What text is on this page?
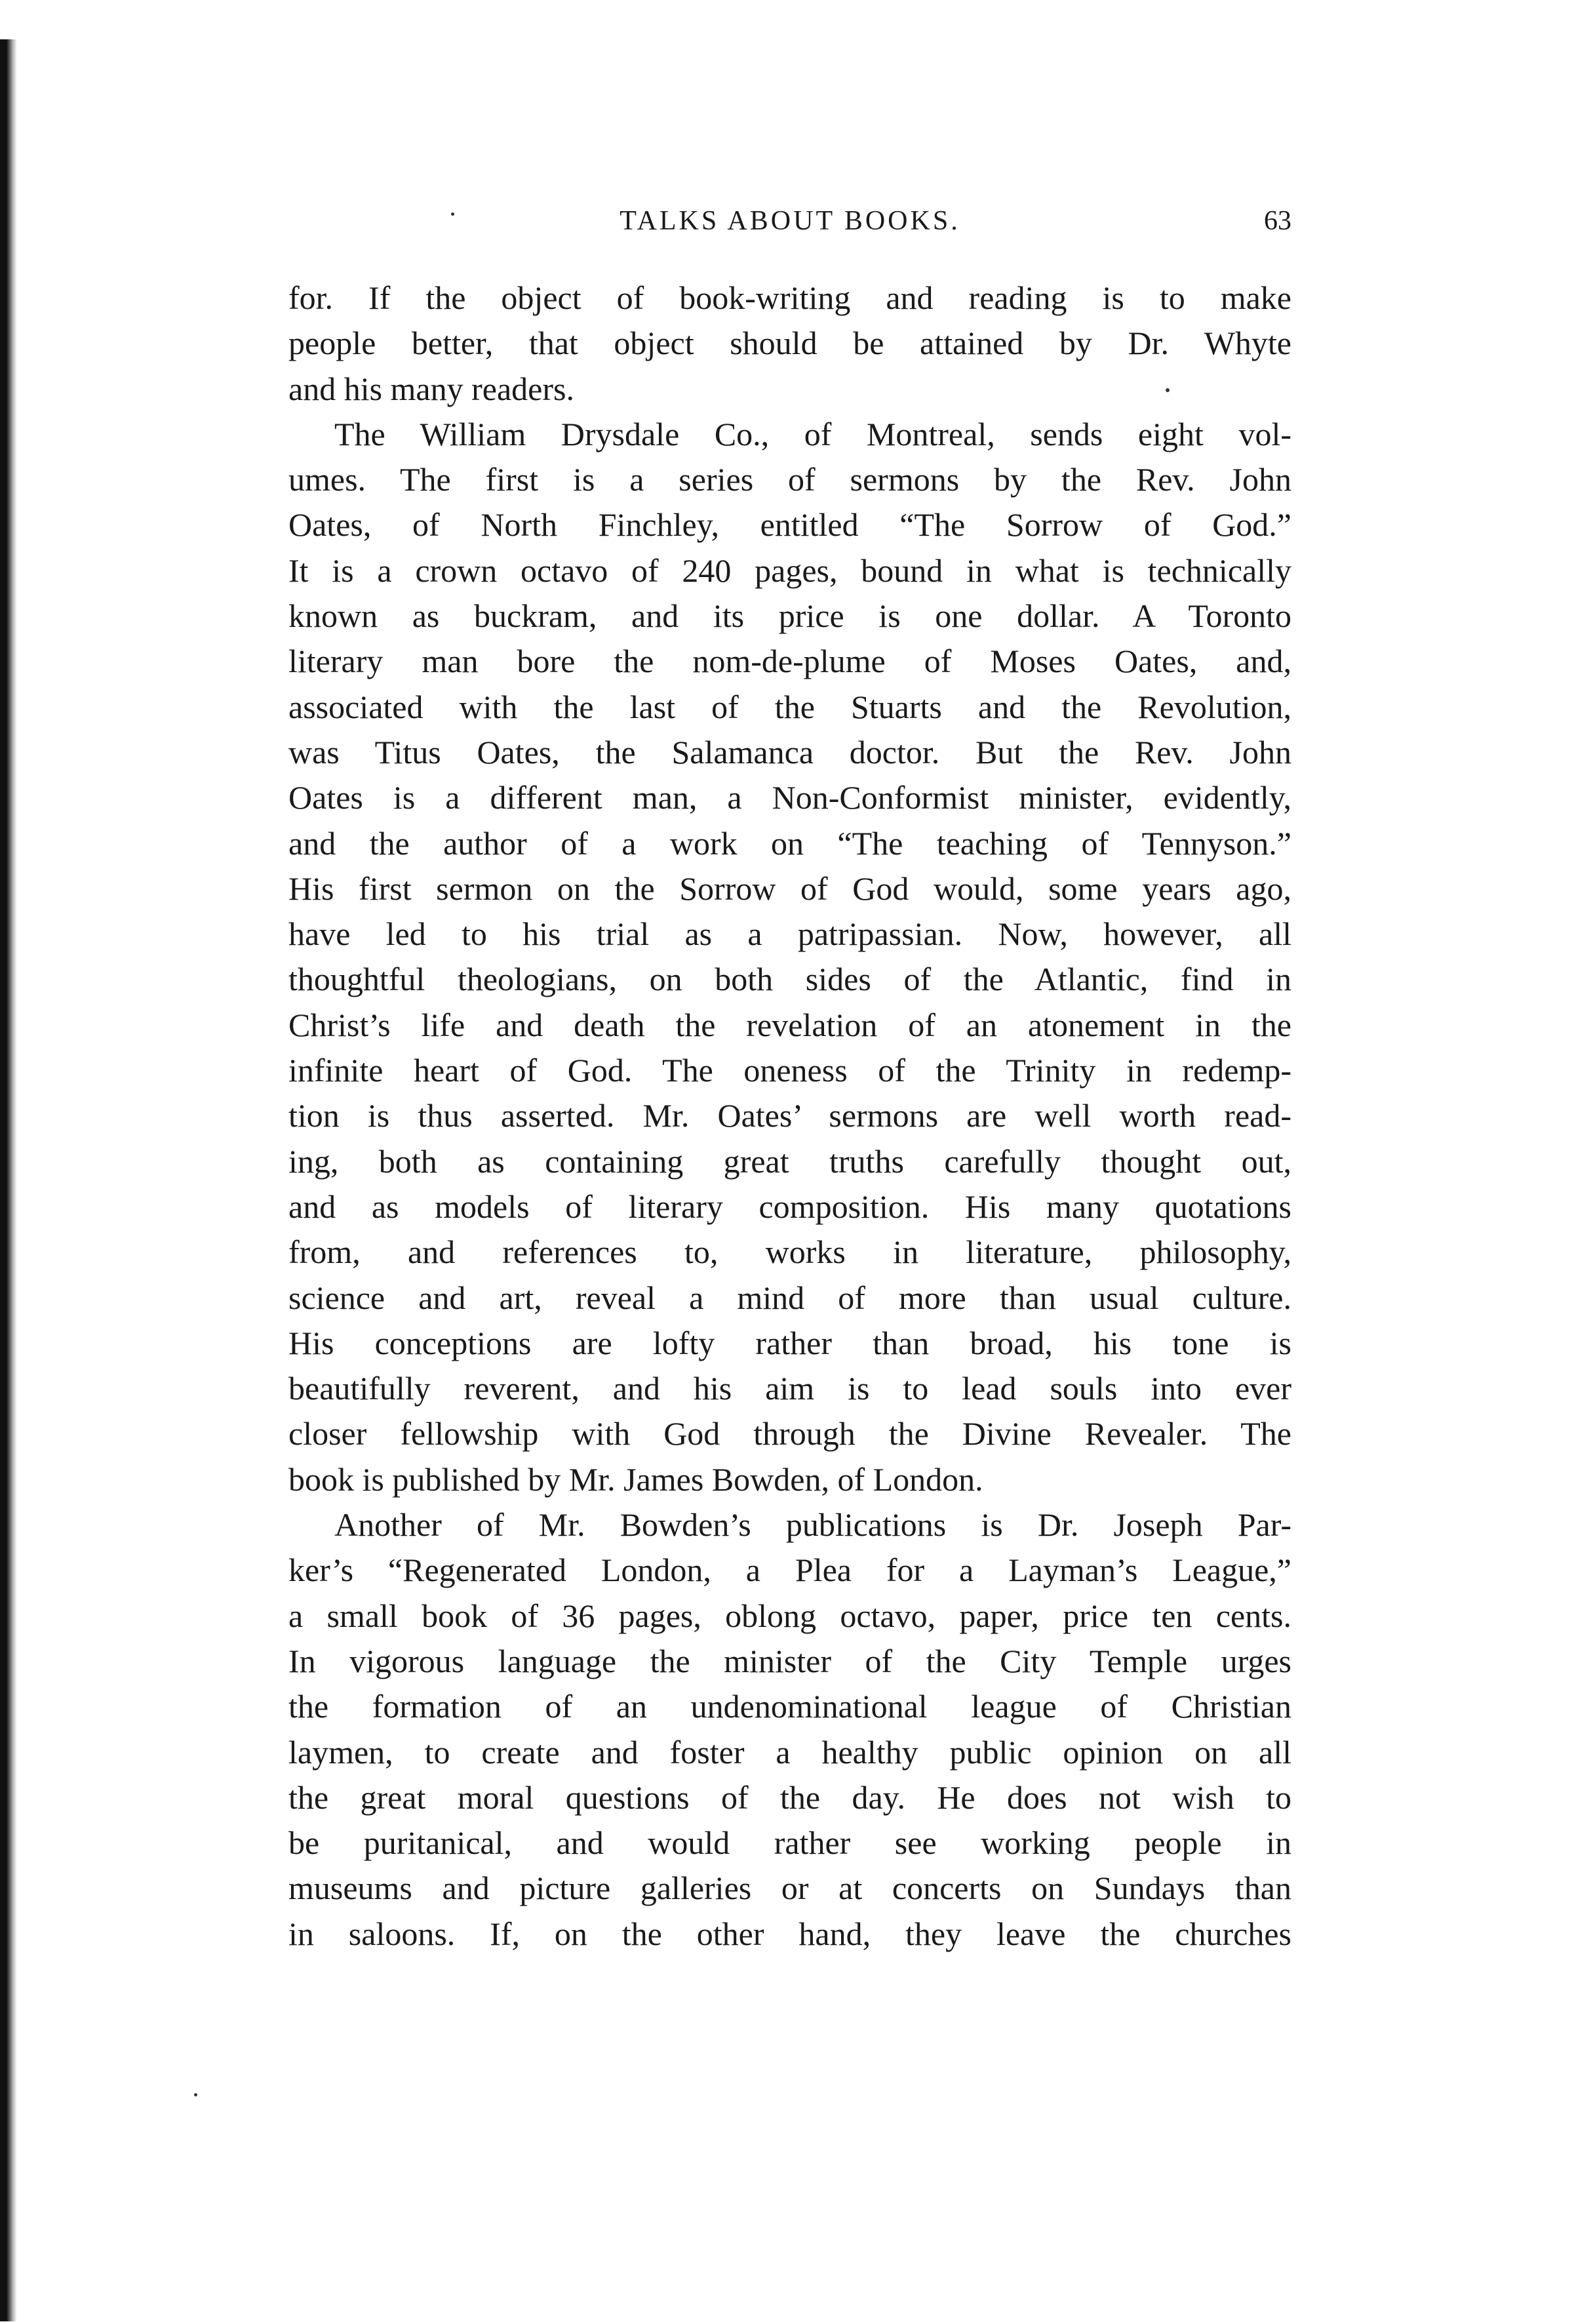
TALKS ABOUT BOOKS.	63
for. If the object of book-writing and reading is to make
people better, that object should be attained by Dr. Whyte
and his many readers.
The William Drysdale Co., of Montreal, sends eight vol-
umes. The first is a series of sermons by the Rev. John
Oates, of North Finchley, entitled “The Sorrow of God.”
It is a crown octavo of 240 pages, bound in what is technically
known as buckram, and its price is one dollar. A Toronto
literary man bore the nom-de-plume of Moses Oates, and,
associated with the last of the Stuarts and the Revolution,
was Titus Oates, the Salamanca doctor. But the Rev. John
Oates is a different man, a Non-Conformist minister, evidently,
and the author of a work on “The teaching of Tennyson.”
His first sermon on the Sorrow of God would, some years ago,
have led to his trial as a patripassian. Now, however, all
thoughtful theologians, on both sides of the Atlantic, find in
Christ’s life and death the revelation of an atonement in the
infinite heart of God. The oneness of the Trinity in redemp-
tion is thus asserted. Mr. Oates’ sermons are well worth read-
ing, both as containing great truths carefully thought out,
and as models of literary composition. His many quotations
from, and references to, works in literature, philosophy,
science and art, reveal a mind of more than usual culture.
His conceptions are lofty rather than broad, his tone is
beautifully reverent, and his aim is to lead souls into ever
closer fellowship with God through the Divine Revealer. The
book is published by Mr. James Bowden, of London.
Another of Mr. Bowden’s publications is Dr. Joseph Par-
ker’s “Regenerated London, a Plea for a Layman’s League,”
a small book of 36 pages, oblong octavo, paper, price ten cents.
In vigorous language the minister of the City Temple urges
the formation of an undenominational league of Christian
laymen, to create and foster a healthy public opinion on all
the great moral questions of the day. He does not wish to
be puritanical, and would rather see working people in
museums and picture galleries or at concerts on Sundays than
in saloons. If, on the other hand, they leave the churches
